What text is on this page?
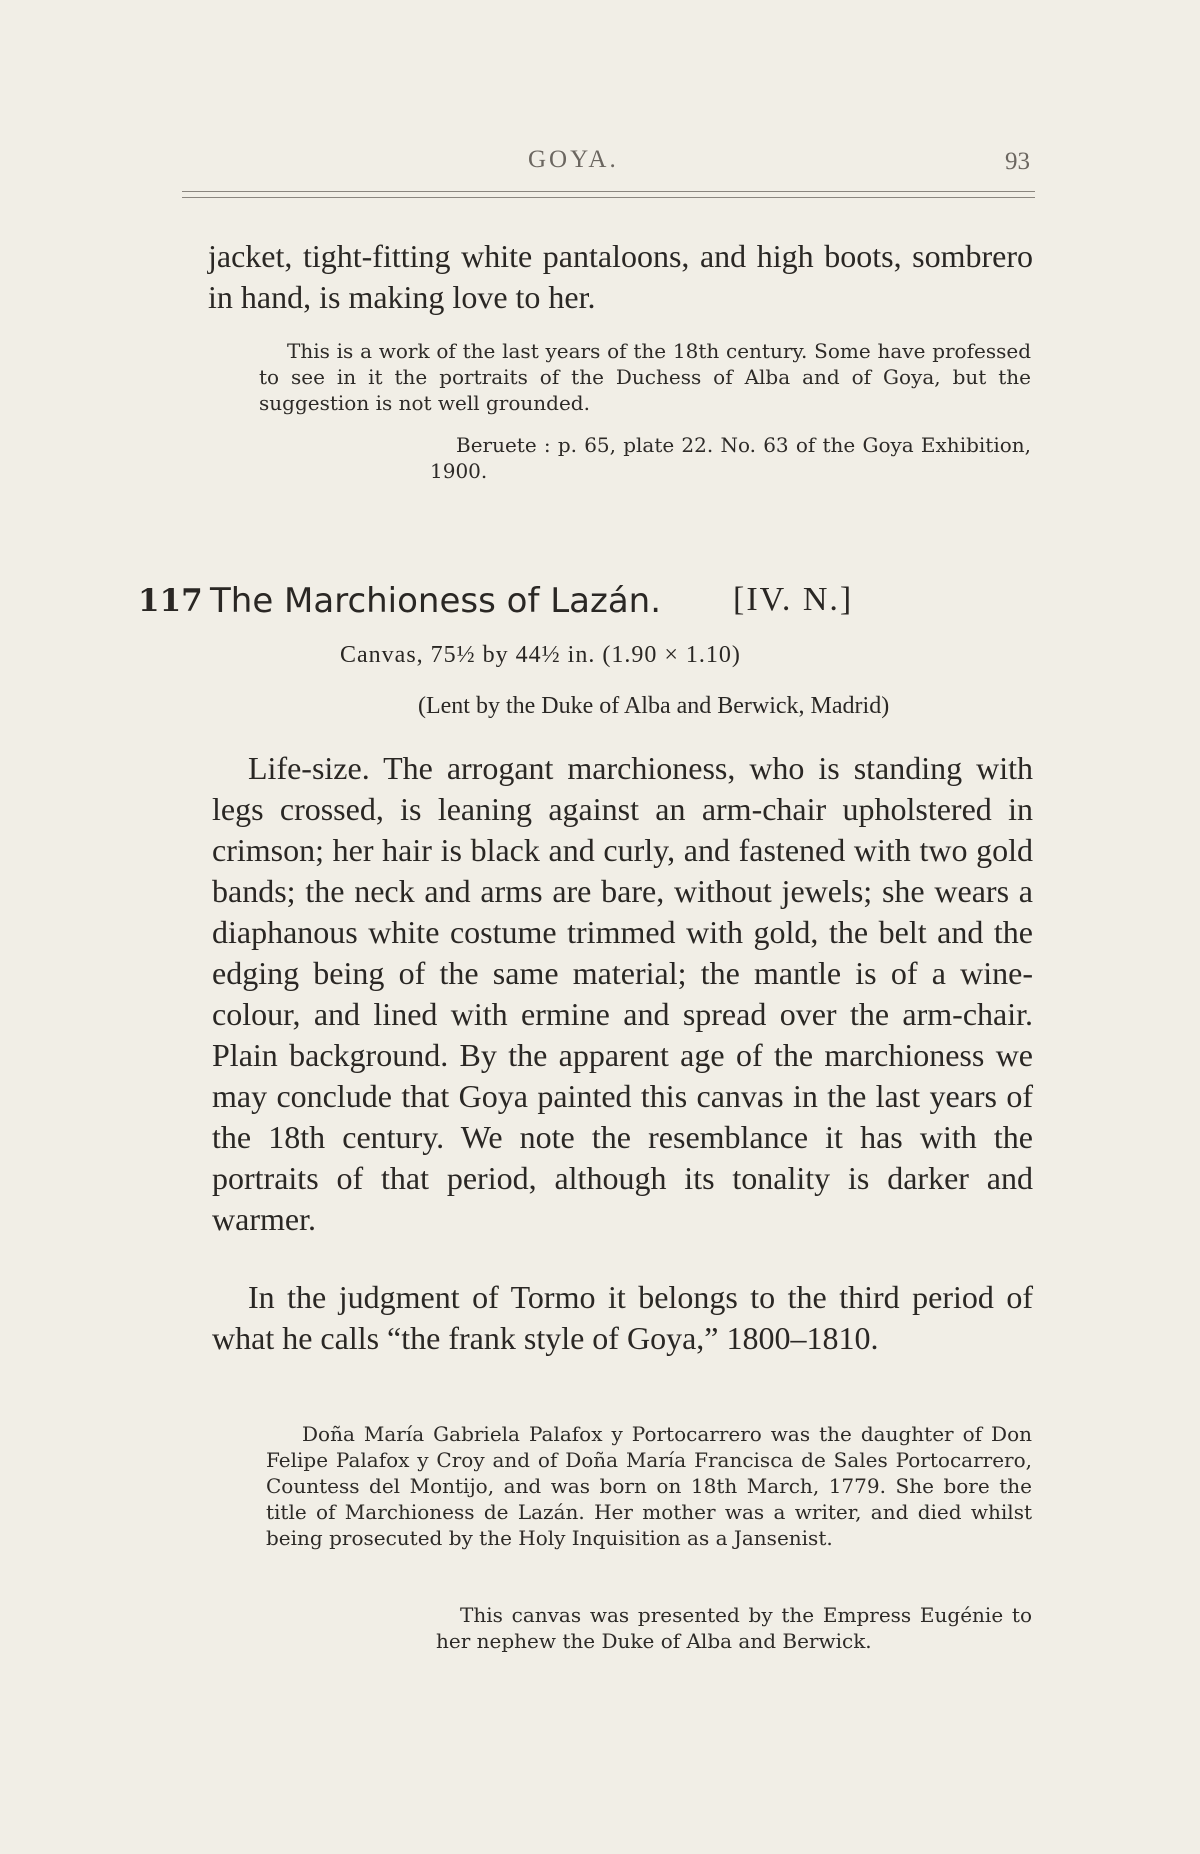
GOYA.	93

jacket, tight-fitting white pantaloons, and high boots, sombrero in hand, is making love to her.

This is a work of the last years of the 18th century. Some have professed to see in it the portraits of the Duchess of Alba and of Goya, but the suggestion is not well grounded.

Beruete : p. 65, plate 22. No. 63 of the Goya Exhibition, 1900.

117 The Marchioness of Lazán. [IV. N.]
Canvas, 75½ by 44½ in. (1.90 × 1.10)
(Lent by the Duke of Alba and Berwick, Madrid)

Life-size. The arrogant marchioness, who is standing with legs crossed, is leaning against an arm-chair upholstered in crimson; her hair is black and curly, and fastened with two gold bands; the neck and arms are bare, without jewels; she wears a diaphanous white costume trimmed with gold, the belt and the edging being of the same material; the mantle is of a wine-colour, and lined with ermine and spread over the arm-chair. Plain background. By the apparent age of the marchioness we may conclude that Goya painted this canvas in the last years of the 18th century. We note the resemblance it has with the portraits of that period, although its tonality is darker and warmer.

In the judgment of Tormo it belongs to the third period of what he calls “the frank style of Goya,” 1800–1810.

Doña María Gabriela Palafox y Portocarrero was the daughter of Don Felipe Palafox y Croy and of Doña María Francisca de Sales Portocarrero, Countess del Montijo, and was born on 18th March, 1779. She bore the title of Marchioness de Lazán. Her mother was a writer, and died whilst being prosecuted by the Holy Inquisition as a Jansenist.

This canvas was presented by the Empress Eugénie to her nephew the Duke of Alba and Berwick.
